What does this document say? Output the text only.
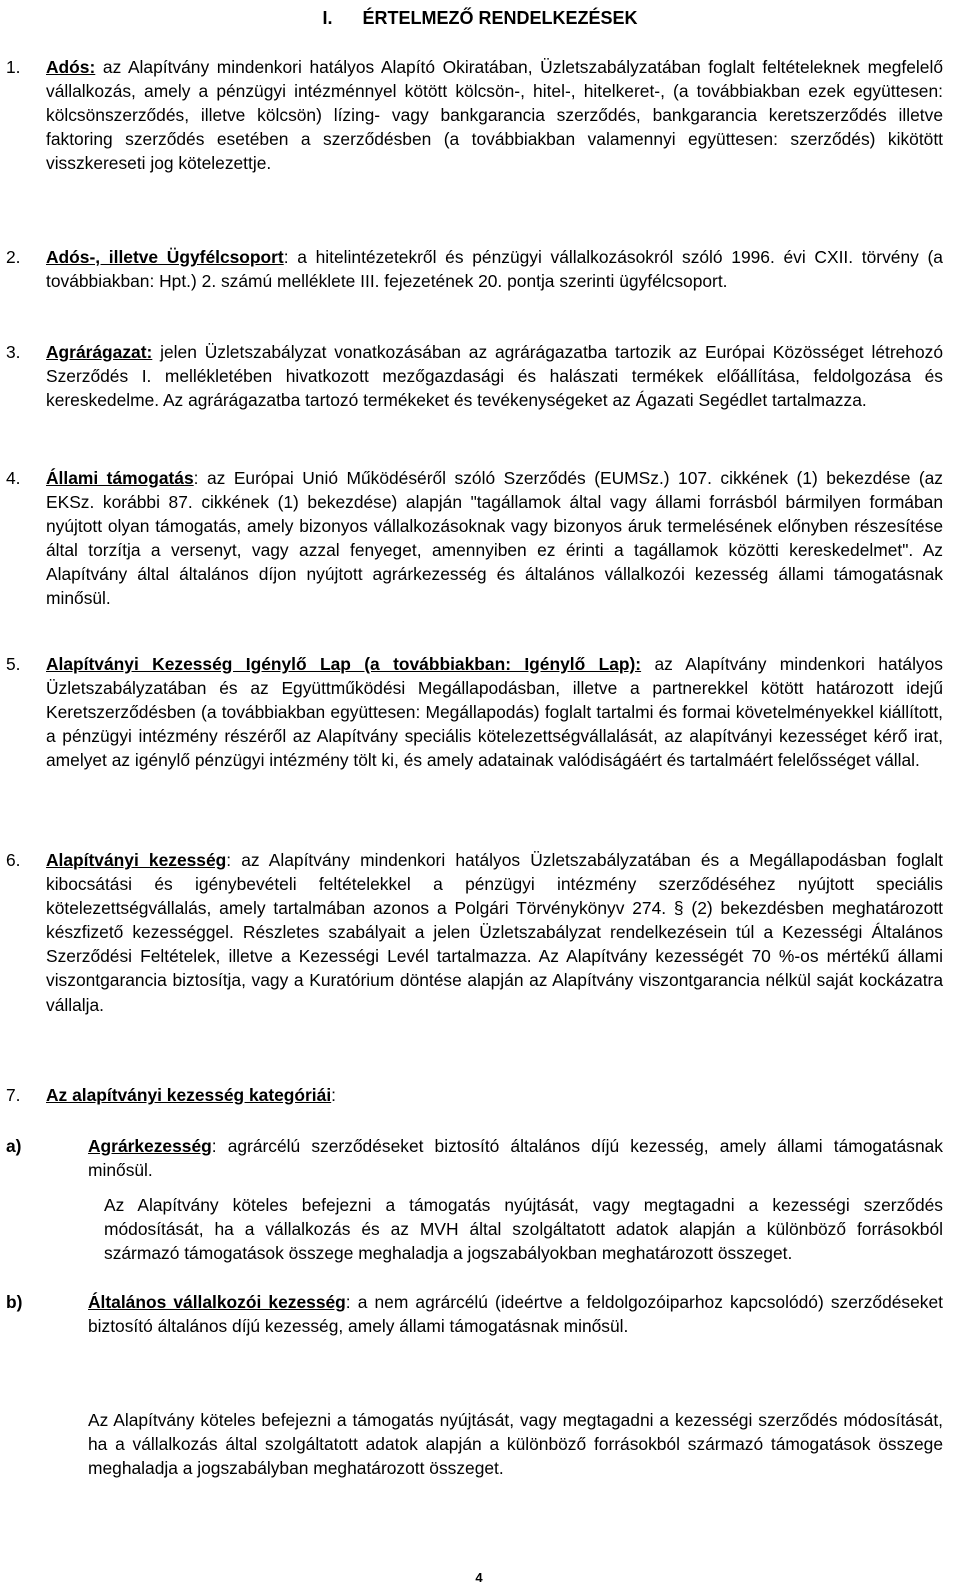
I. ÉRTELMEZŐ RENDELKEZÉSEK
1. Adós: az Alapítvány mindenkori hatályos Alapító Okiratában, Üzletszabályzatában foglalt feltételeknek megfelelő vállalkozás, amely a pénzügyi intézménnyel kötött kölcsön-, hitel-, hitelkeret-, (a továbbiakban ezek együttesen: kölcsönszerződés, illetve kölcsön) lízing- vagy bankgarancia szerződés, bankgarancia keretszerződés illetve faktoring szerződés esetében a szerződésben (a továbbiakban valamennyi együttesen: szerződés) kikötött visszkereseti jog kötelezettje.
2. Adós-, illetve Ügyfélcsoport: a hitelintézetekről és pénzügyi vállalkozásokról szóló 1996. évi CXII. törvény (a továbbiakban: Hpt.) 2. számú melléklete III. fejezetének 20. pontja szerinti ügyfélcsoport.
3. Agrárágazat: jelen Üzletszabályzat vonatkozásában az agrárágazatba tartozik az Európai Közösséget létrehozó Szerződés I. mellékletében hivatkozott mezőgazdasági és halászati termékek előállítása, feldolgozása és kereskedelme. Az agrárágazatba tartozó termékeket és tevékenységeket az Ágazati Segédlet tartalmazza.
4. Állami támogatás: az Európai Unió Működéséről szóló Szerződés (EUMSz.) 107. cikkének (1) bekezdése (az EKSz. korábbi 87. cikkének (1) bekezdése) alapján "tagállamok által vagy állami forrásból bármilyen formában nyújtott olyan támogatás, amely bizonyos vállalkozásoknak vagy bizonyos áruk termelésének előnyben részesítése által torzítja a versenyt, vagy azzal fenyeget, amennyiben ez érinti a tagállamok közötti kereskedelmet". Az Alapítvány által általános díjon nyújtott agrárkezesség és általános vállalkozói kezesség állami támogatásnak minősül.
5. Alapítványi Kezesség Igénylő Lap (a továbbiakban: Igénylő Lap): az Alapítvány mindenkori hatályos Üzletszabályzatában és az Együttműködési Megállapodásban, illetve a partnerekkel kötött határozott idejű Keretszerződésben (a továbbiakban együttesen: Megállapodás) foglalt tartalmi és formai követelményekkel kiállított, a pénzügyi intézmény részéről az Alapítvány speciális kötelezettségvállalását, az alapítványi kezességet kérő irat, amelyet az igénylő pénzügyi intézmény tölt ki, és amely adatainak valódiságáért és tartalmáért felelősséget vállal.
6. Alapítványi kezesség: az Alapítvány mindenkori hatályos Üzletszabályzatában és a Megállapodásban foglalt kibocsátási és igénybevételi feltételekkel a pénzügyi intézmény szerződéséhez nyújtott speciális kötelezettségvállalás, amely tartalmában azonos a Polgári Törvénykönyv 274. § (2) bekezdésben meghatározott készfizető kezességgel. Részletes szabályait a jelen Üzletszabályzat rendelkezésein túl a Kezességi Általános Szerződési Feltételek, illetve a Kezességi Levél tartalmazza. Az Alapítvány kezességét 70 %-os mértékű állami viszontgarancia biztosítja, vagy a Kuratórium döntése alapján az Alapítvány viszontgarancia nélkül saját kockázatra vállalja.
7. Az alapítványi kezesség kategóriái:
a)	Agrárkezesség: agrárcélú szerződéseket biztosító általános díjú kezesség, amely állami támogatásnak minősül.
Az Alapítvány köteles befejezni a támogatás nyújtását, vagy megtagadni a kezességi szerződés módosítását, ha a vállalkozás és az MVH által szolgáltatott adatok alapján a különböző forrásokból származó támogatások összege meghaladja a jogszabályokban meghatározott összeget.
b)	Általános vállalkozói kezesség: a nem agrárcélú (ideértve a feldolgozóiparhoz kapcsolódó) szerződéseket biztosító általános díjú kezesség, amely állami támogatásnak minősül.
Az Alapítvány köteles befejezni a támogatás nyújtását, vagy megtagadni a kezességi szerződés módosítását, ha a vállalkozás által szolgáltatott adatok alapján a különböző forrásokból származó támogatások összege meghaladja a jogszabályban meghatározott összeget.
4
